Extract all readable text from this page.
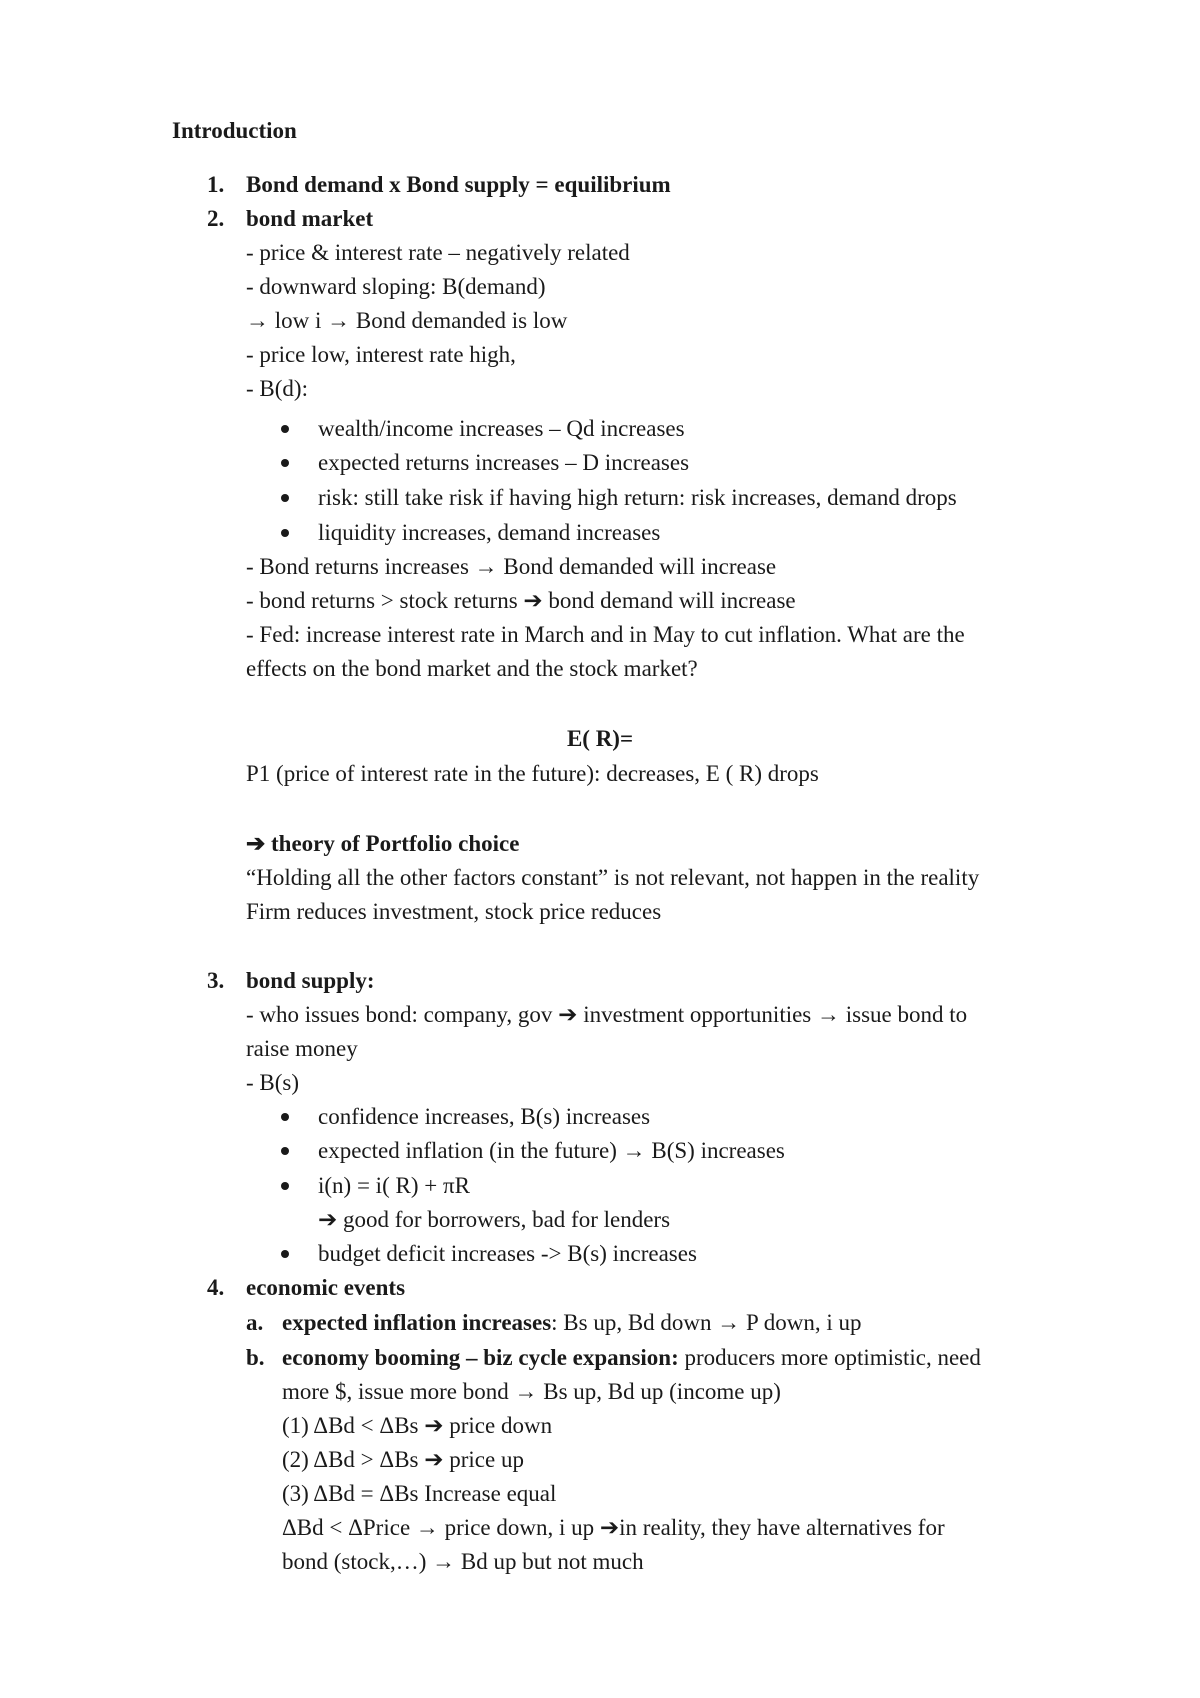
Introduction
1. Bond demand x Bond supply = equilibrium
2. bond market
- price & interest rate – negatively related
- downward sloping: B(demand)
→ low i → Bond demanded is low
- price low, interest rate high,
- B(d):
wealth/income increases – Qd increases
expected returns increases – D increases
risk: still take risk if having high return: risk increases, demand drops
liquidity increases, demand increases
- Bond returns increases → Bond demanded will increase
- bond returns > stock returns ➔ bond demand will increase
- Fed: increase interest rate in March and in May to cut inflation. What are the
effects on the bond market and the stock market?
E( R)=
P1 (price of interest rate in the future): decreases, E ( R) drops
➔ theory of Portfolio choice
“Holding all the other factors constant” is not relevant, not happen in the reality
Firm reduces investment, stock price reduces
3. bond supply:
- who issues bond: company, gov ➔ investment opportunities → issue bond to
raise money
- B(s)
confidence increases, B(s) increases
expected inflation (in the future) → B(S) increases
i(n) = i( R) + πR
➔ good for borrowers, bad for lenders
budget deficit increases -> B(s) increases
4. economic events
a. expected inflation increases: Bs up, Bd down → P down, i up
b. economy booming – biz cycle expansion: producers more optimistic, need
more $, issue more bond → Bs up, Bd up (income up)
(1) ΔBd < ΔBs ➔ price down
(2) ΔBd > ΔBs ➔ price up
(3) ΔBd = ΔBs Increase equal
ΔBd < ΔPrice → price down, i up ➔in reality, they have alternatives for
bond (stock,…) → Bd up but not much
